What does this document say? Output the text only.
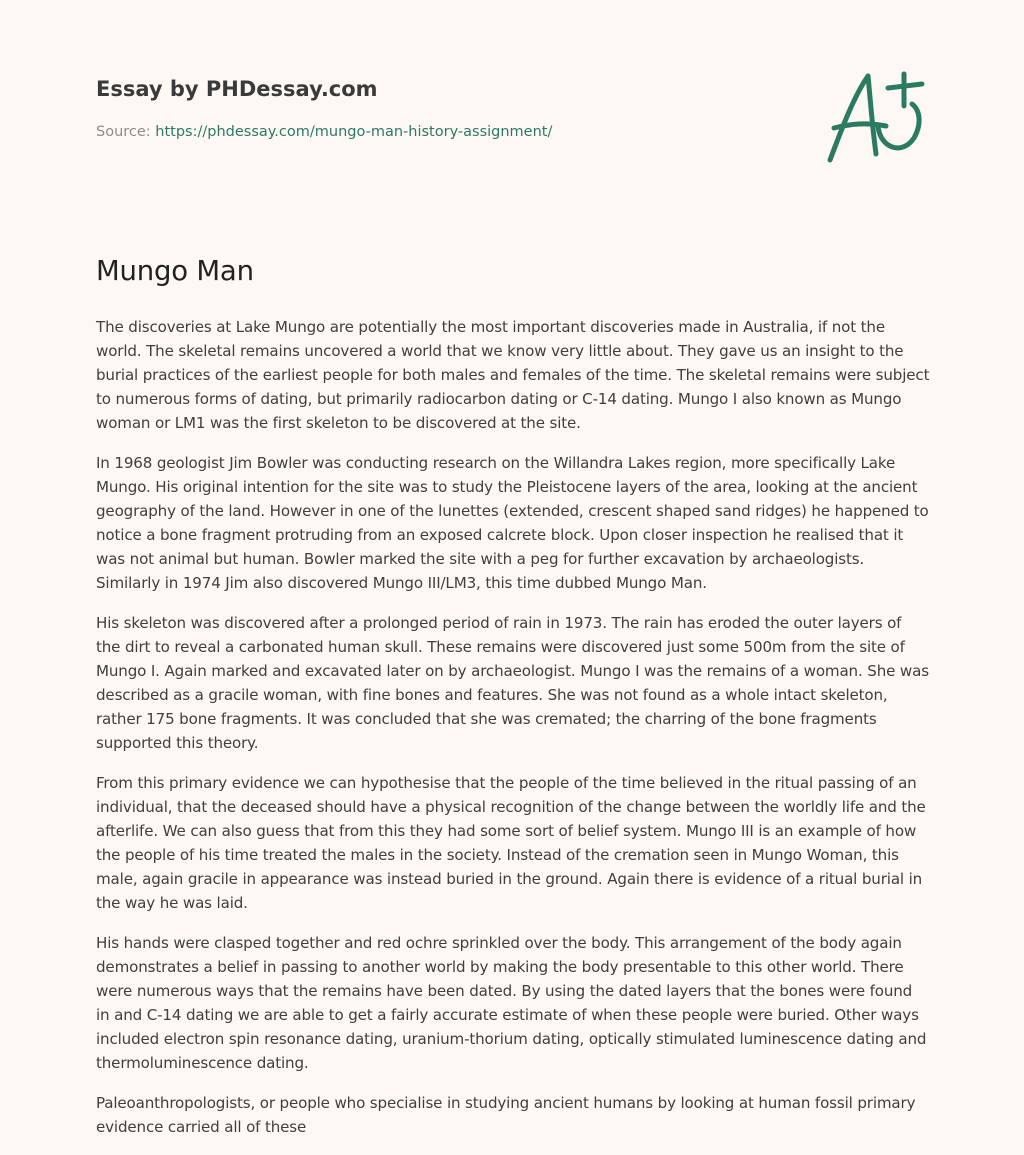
Essay by PHDessay.com
Source: https://phdessay.com/mungo-man-history-assignment/
Mungo Man

The discoveries at Lake Mungo are potentially the most important discoveries made in Australia, if not the world. The skeletal remains uncovered a world that we know very little about. They gave us an insight to the burial practices of the earliest people for both males and females of the time. The skeletal remains were subject to numerous forms of dating, but primarily radiocarbon dating or C-14 dating. Mungo I also known as Mungo woman or LM1 was the first skeleton to be discovered at the site.

In 1968 geologist Jim Bowler was conducting research on the Willandra Lakes region, more specifically Lake Mungo. His original intention for the site was to study the Pleistocene layers of the area, looking at the ancient geography of the land. However in one of the lunettes (extended, crescent shaped sand ridges) he happened to notice a bone fragment protruding from an exposed calcrete block. Upon closer inspection he realised that it was not animal but human. Bowler marked the site with a peg for further excavation by archaeologists. Similarly in 1974 Jim also discovered Mungo III/LM3, this time dubbed Mungo Man.

His skeleton was discovered after a prolonged period of rain in 1973. The rain has eroded the outer layers of the dirt to reveal a carbonated human skull. These remains were discovered just some 500m from the site of Mungo I. Again marked and excavated later on by archaeologist. Mungo I was the remains of a woman. She was described as a gracile woman, with fine bones and features. She was not found as a whole intact skeleton, rather 175 bone fragments. It was concluded that she was cremated; the charring of the bone fragments supported this theory.

From this primary evidence we can hypothesise that the people of the time believed in the ritual passing of an individual, that the deceased should have a physical recognition of the change between the worldly life and the afterlife. We can also guess that from this they had some sort of belief system. Mungo III is an example of how the people of his time treated the males in the society. Instead of the cremation seen in Mungo Woman, this male, again gracile in appearance was instead buried in the ground. Again there is evidence of a ritual burial in the way he was laid.

His hands were clasped together and red ochre sprinkled over the body. This arrangement of the body again demonstrates a belief in passing to another world by making the body presentable to this other world. There were numerous ways that the remains have been dated. By using the dated layers that the bones were found in and C-14 dating we are able to get a fairly accurate estimate of when these people were buried. Other ways included electron spin resonance dating, uranium-thorium dating, optically stimulated luminescence dating and thermoluminescence dating.

Paleoanthropologists, or people who specialise in studying ancient humans by looking at human fossil primary evidence carried all of these
